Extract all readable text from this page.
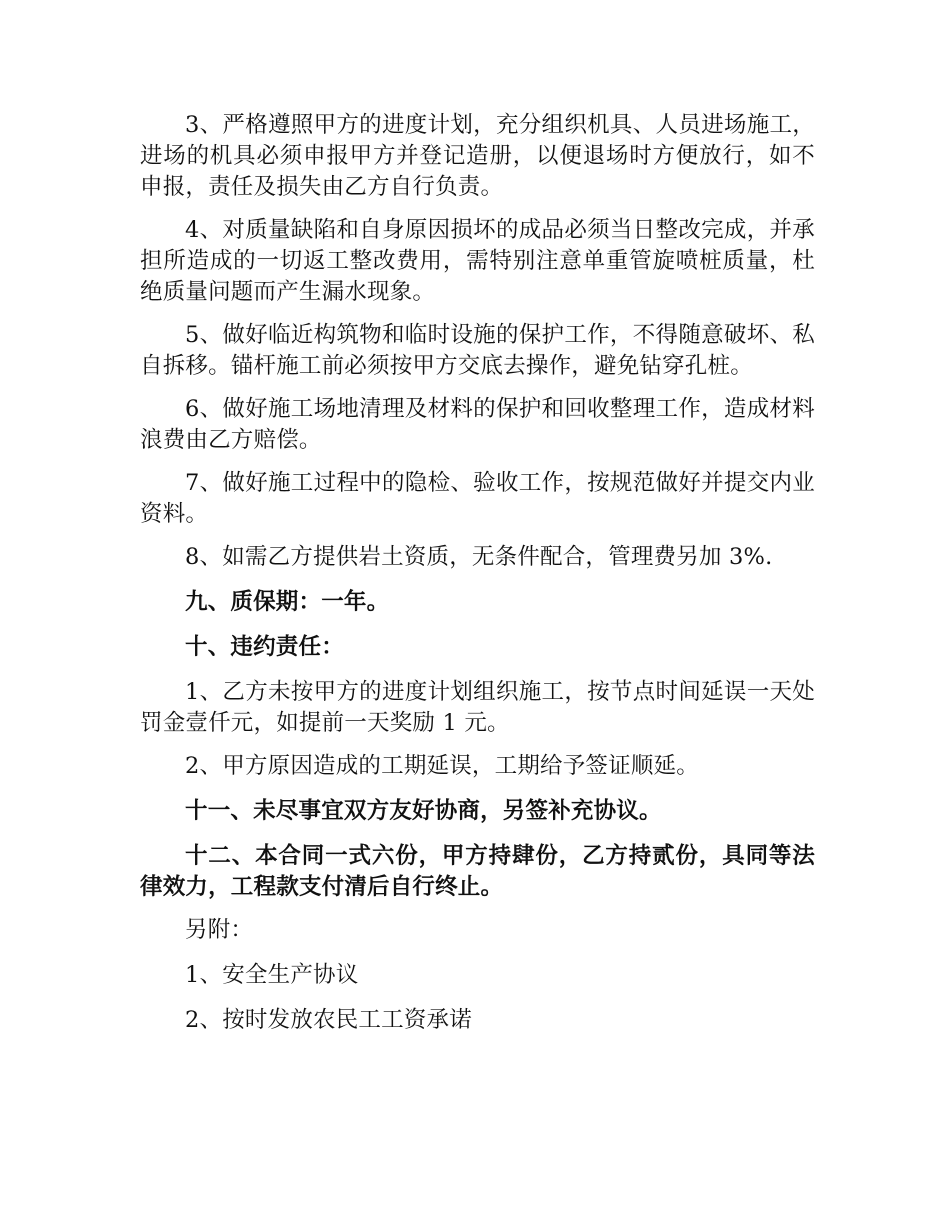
3、严格遵照甲方的进度计划，充分组织机具、人员进场施工，进场的机具必须申报甲方并登记造册，以便退场时方便放行，如不申报，责任及损失由乙方自行负责。

4、对质量缺陷和自身原因损坏的成品必须当日整改完成，并承担所造成的一切返工整改费用，需特别注意单重管旋喷桩质量，杜绝质量问题而产生漏水现象。

5、做好临近构筑物和临时设施的保护工作，不得随意破坏、私自拆移。锚杆施工前必须按甲方交底去操作，避免钻穿孔桩。

6、做好施工场地清理及材料的保护和回收整理工作，造成材料浪费由乙方赔偿。

7、做好施工过程中的隐检、验收工作，按规范做好并提交内业资料。

8、如需乙方提供岩土资质，无条件配合，管理费另加 3%.

九、质保期：一年。

十、违约责任：

1、乙方未按甲方的进度计划组织施工，按节点时间延误一天处罚金壹仟元，如提前一天奖励 1 元。

2、甲方原因造成的工期延误，工期给予签证顺延。

十一、未尽事宜双方友好协商，另签补充协议。

十二、本合同一式六份，甲方持肆份，乙方持贰份，具同等法律效力，工程款支付清后自行终止。

另附：

1、安全生产协议

2、按时发放农民工工资承诺
